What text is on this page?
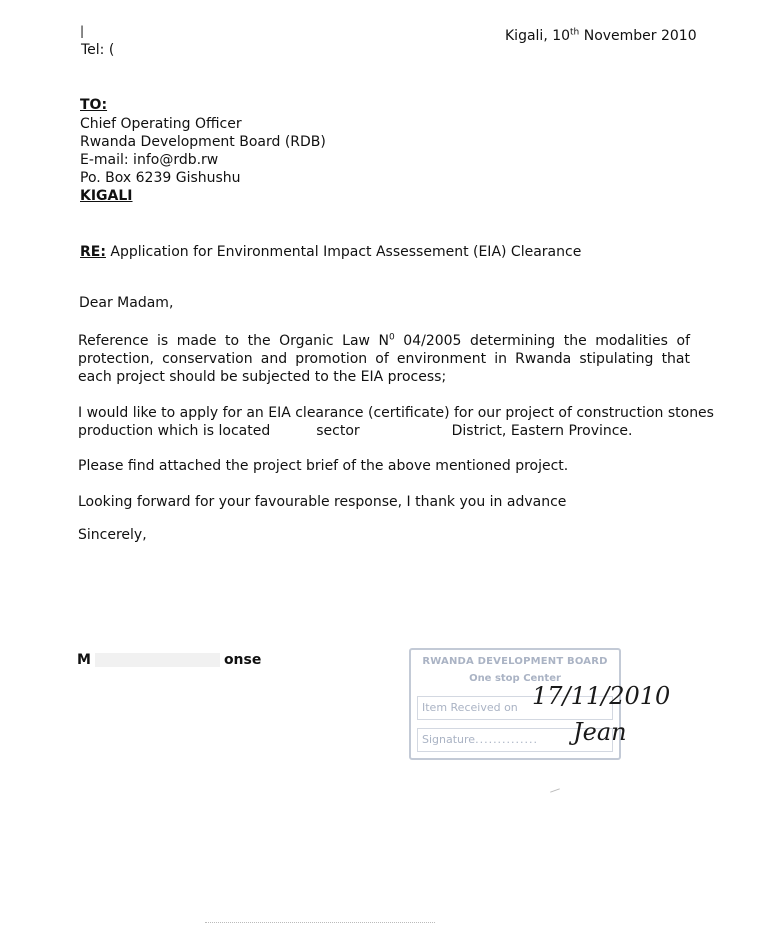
|
Tel: (
Kigali, 10th November 2010
TO:
Chief Operating Officer
Rwanda Development Board (RDB)
E-mail: info@rdb.rw
Po. Box 6239 Gishushu
KIGALI
RE: Application for Environmental Impact Assessement (EIA) Clearance
Dear Madam,
Reference is made to the Organic Law $N^0$ 04/2005 determining the modalities of protection, conservation and promotion of environment in Rwanda stipulating that each project should be subjected to the EIA process;
I would like to apply for an EIA clearance (certificate) for our project of construction stones
production which is located	sector	District, Eastern Province.
Please find attached the project brief of the above mentioned project.
Looking forward for your favourable response, I thank you in advance
Sincerely,
M	onse	RWANDA DEVELOPMENT BOARD
One stop Center
Item Received on
Signature..............
17/11/2010
Jean
